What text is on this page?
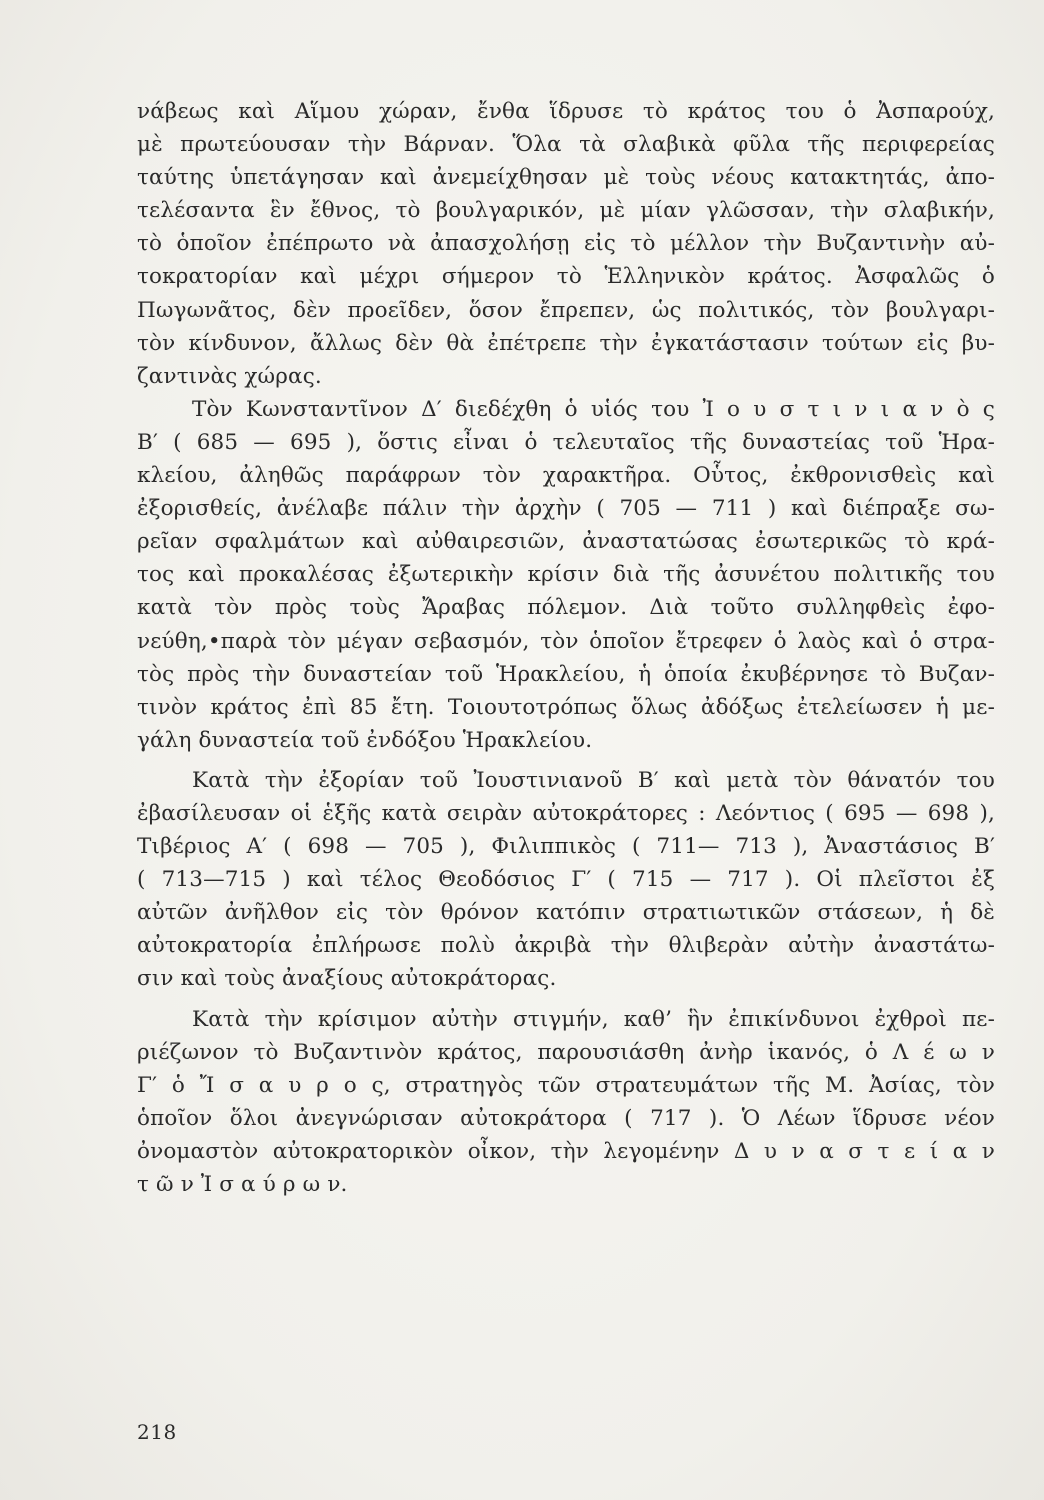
νάβεως καὶ Αἵμου χώραν, ἔνθα ἵδρυσε τὸ κράτος του ὁ Ἀσπαρούχ,
μὲ πρωτεύουσαν τὴν Βάρναν. Ὅλα τὰ σλαβικὰ φῦλα τῆς περιφερείας
ταύτης ὑπετάγησαν καὶ ἀνεμείχθησαν μὲ τοὺς νέους κατακτητάς, ἀπο-
τελέσαντα ἓν ἔθνος, τὸ βουλγαρικόν, μὲ μίαν γλῶσσαν, τὴν σλαβικήν,
τὸ ὁποῖον ἐπέπρωτο νὰ ἀπασχολήσῃ εἰς τὸ μέλλον τὴν Βυζαντινὴν αὐ-
τοκρατορίαν καὶ μέχρι σήμερον τὸ Ἑλληνικὸν κράτος. Ἀσφαλῶς ὁ
Πωγωνᾶτος, δὲν προεῖδεν, ὅσον ἔπρεπεν, ὡς πολιτικός, τὸν βουλγαρι-
τὸν κίνδυνον, ἄλλως δὲν θὰ ἐπέτρεπε τὴν ἐγκατάστασιν τούτων εἰς βυ-
ζαντινὰς χώρας.
Τὸν Κωνσταντῖνον Δ′ διεδέχθη ὁ υἱός του Ἰ ο υ σ τ ι ν ι α ν ὸ ς
Β′ ( 685 — 695 ), ὅστις εἶναι ὁ τελευταῖος τῆς δυναστείας τοῦ Ἡρα-
κλείου, ἀληθῶς παράφρων τὸν χαρακτῆρα. Οὗτος, ἐκθρονισθεὶς καὶ
ἐξορισθείς, ἀνέλαβε πάλιν τὴν ἀρχὴν ( 705 — 711 ) καὶ διέπραξε σω-
ρεῖαν σφαλμάτων καὶ αὐθαιρεσιῶν, ἀναστατώσας ἐσωτερικῶς τὸ κρά-
τος καὶ προκαλέσας ἐξωτερικὴν κρίσιν διὰ τῆς ἀσυνέτου πολιτικῆς του
κατὰ τὸν πρὸς τοὺς Ἄραβας πόλεμον. Διὰ τοῦτο συλληφθεὶς ἐφο-
νεύθη,•παρὰ τὸν μέγαν σεβασμόν, τὸν ὁποῖον ἔτρεφεν ὁ λαὸς καὶ ὁ στρα-
τὸς πρὸς τὴν δυναστείαν τοῦ Ἡρακλείου, ἡ ὁποία ἐκυβέρνησε τὸ Βυζαν-
τινὸν κράτος ἐπὶ 85 ἔτη. Τοιουτοτρόπως ὅλως ἀδόξως ἐτελείωσεν ἡ με-
γάλη δυναστεία τοῦ ἐνδόξου Ἡρακλείου.
Κατὰ τὴν ἐξορίαν τοῦ Ἰουστινιανοῦ Β′ καὶ μετὰ τὸν θάνατόν του
ἐβασίλευσαν οἱ ἑξῆς κατὰ σειρὰν αὐτοκράτορες : Λεόντιος ( 695 — 698 ),
Τιβέριος Α′ ( 698 — 705 ), Φιλιππικὸς ( 711— 713 ), Ἀναστάσιος Β′
( 713—715 ) καὶ τέλος Θεοδόσιος Γ′ ( 715 — 717 ). Οἱ πλεῖστοι ἐξ
αὐτῶν ἀνῆλθον εἰς τὸν θρόνον κατόπιν στρατιωτικῶν στάσεων, ἡ δὲ
αὐτοκρατορία ἐπλήρωσε πολὺ ἀκριβὰ τὴν θλιβερὰν αὐτὴν ἀναστάτω-
σιν καὶ τοὺς ἀναξίους αὐτοκράτορας.
Κατὰ τὴν κρίσιμον αὐτὴν στιγμήν, καθ’ ἣν ἐπικίνδυνοι ἐχθροὶ πε-
ριέζωνον τὸ Βυζαντινὸν κράτος, παρουσιάσθη ἀνὴρ ἱκανός, ὁ Λ έ ω ν
Γ′ ὁ Ἴ σ α υ ρ ο ς, στρατηγὸς τῶν στρατευμάτων τῆς Μ. Ἀσίας, τὸν
ὁποῖον ὅλοι ἀνεγνώρισαν αὐτοκράτορα ( 717 ). Ὁ Λέων ἵδρυσε νέον
ὀνομαστὸν αὐτοκρατορικὸν οἶκον, τὴν λεγομένην Δ υ ν α σ τ ε ί α ν
τ ῶ ν Ἰ σ α ύ ρ ω ν.
218
